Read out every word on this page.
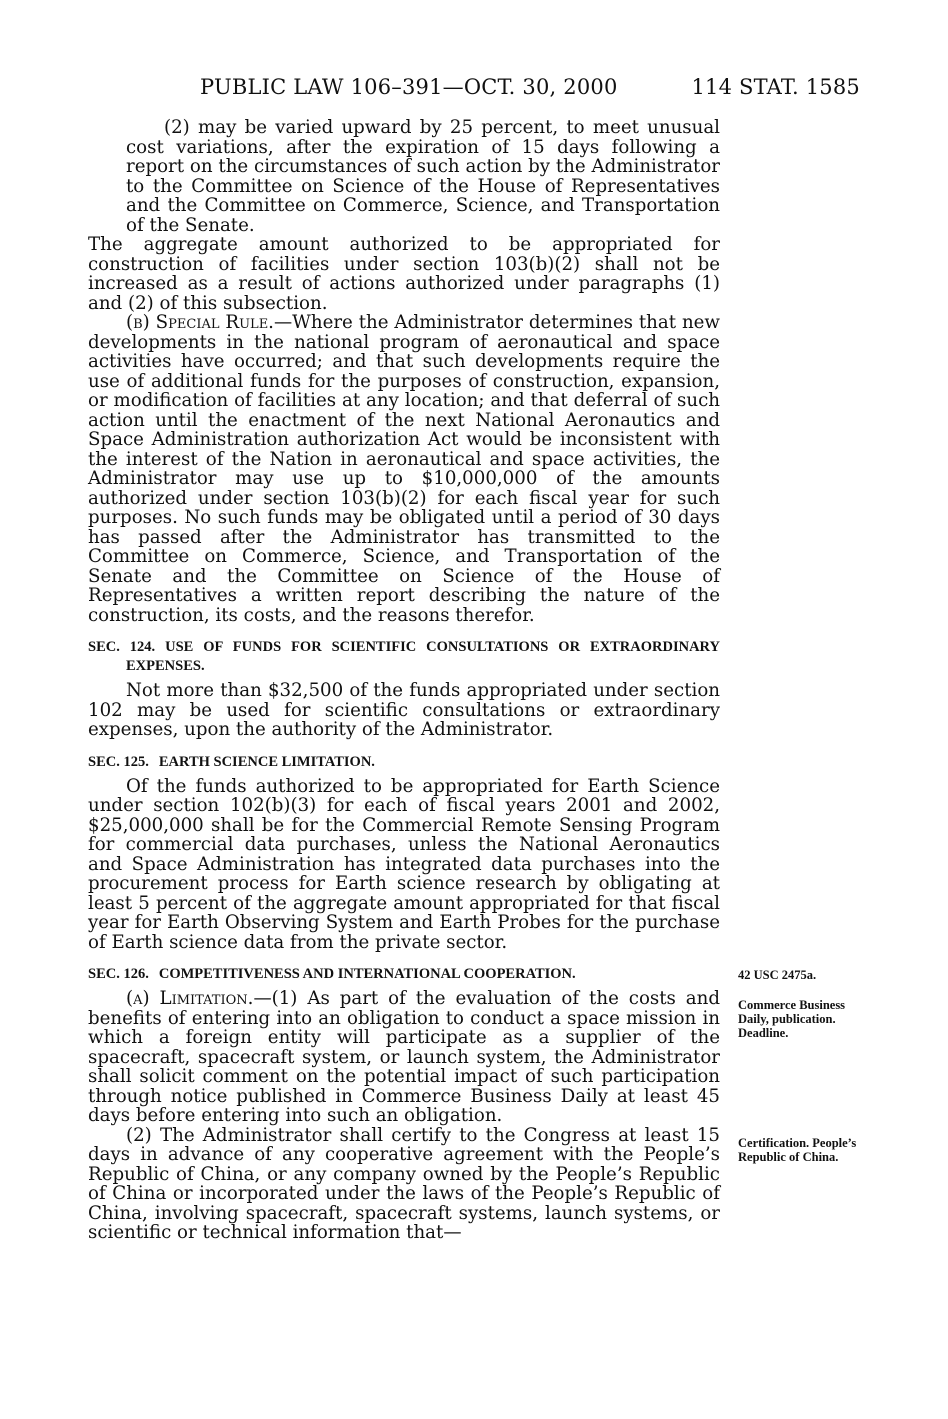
PUBLIC LAW 106–391—OCT. 30, 2000	114 STAT. 1585

(2) may be varied upward by 25 percent, to meet unusual cost variations, after the expiration of 15 days following a report on the circumstances of such action by the Administrator to the Committee on Science of the House of Representatives and the Committee on Commerce, Science, and Transportation of the Senate.

The aggregate amount authorized to be appropriated for construction of facilities under section 103(b)(2) shall not be increased as a result of actions authorized under paragraphs (1) and (2) of this subsection.

(b) Special Rule.—Where the Administrator determines that new developments in the national program of aeronautical and space activities have occurred; and that such developments require the use of additional funds for the purposes of construction, expansion, or modification of facilities at any location; and that deferral of such action until the enactment of the next National Aeronautics and Space Administration authorization Act would be inconsistent with the interest of the Nation in aeronautical and space activities, the Administrator may use up to $10,000,000 of the amounts authorized under section 103(b)(2) for each fiscal year for such purposes. No such funds may be obligated until a period of 30 days has passed after the Administrator has transmitted to the Committee on Commerce, Science, and Transportation of the Senate and the Committee on Science of the House of Representatives a written report describing the nature of the construction, its costs, and the reasons therefor.

SEC. 124. USE OF FUNDS FOR SCIENTIFIC CONSULTATIONS OR EXTRAORDINARY EXPENSES.

Not more than $32,500 of the funds appropriated under section 102 may be used for scientific consultations or extraordinary expenses, upon the authority of the Administrator.

SEC. 125. EARTH SCIENCE LIMITATION.

Of the funds authorized to be appropriated for Earth Science under section 102(b)(3) for each of fiscal years 2001 and 2002, $25,000,000 shall be for the Commercial Remote Sensing Program for commercial data purchases, unless the National Aeronautics and Space Administration has integrated data purchases into the procurement process for Earth science research by obligating at least 5 percent of the aggregate amount appropriated for that fiscal year for Earth Observing System and Earth Probes for the purchase of Earth science data from the private sector.

SEC. 126. COMPETITIVENESS AND INTERNATIONAL COOPERATION.

(a) Limitation.—(1) As part of the evaluation of the costs and benefits of entering into an obligation to conduct a space mission in which a foreign entity will participate as a supplier of the spacecraft, spacecraft system, or launch system, the Administrator shall solicit comment on the potential impact of such participation through notice published in Commerce Business Daily at least 45 days before entering into such an obligation.

(2) The Administrator shall certify to the Congress at least 15 days in advance of any cooperative agreement with the People’s Republic of China, or any company owned by the People’s Republic of China or incorporated under the laws of the People’s Republic of China, involving spacecraft, spacecraft systems, launch systems, or scientific or technical information that—

42 USC 2475a.
Commerce Business Daily, publication. Deadline.
Certification. People’s Republic of China.
